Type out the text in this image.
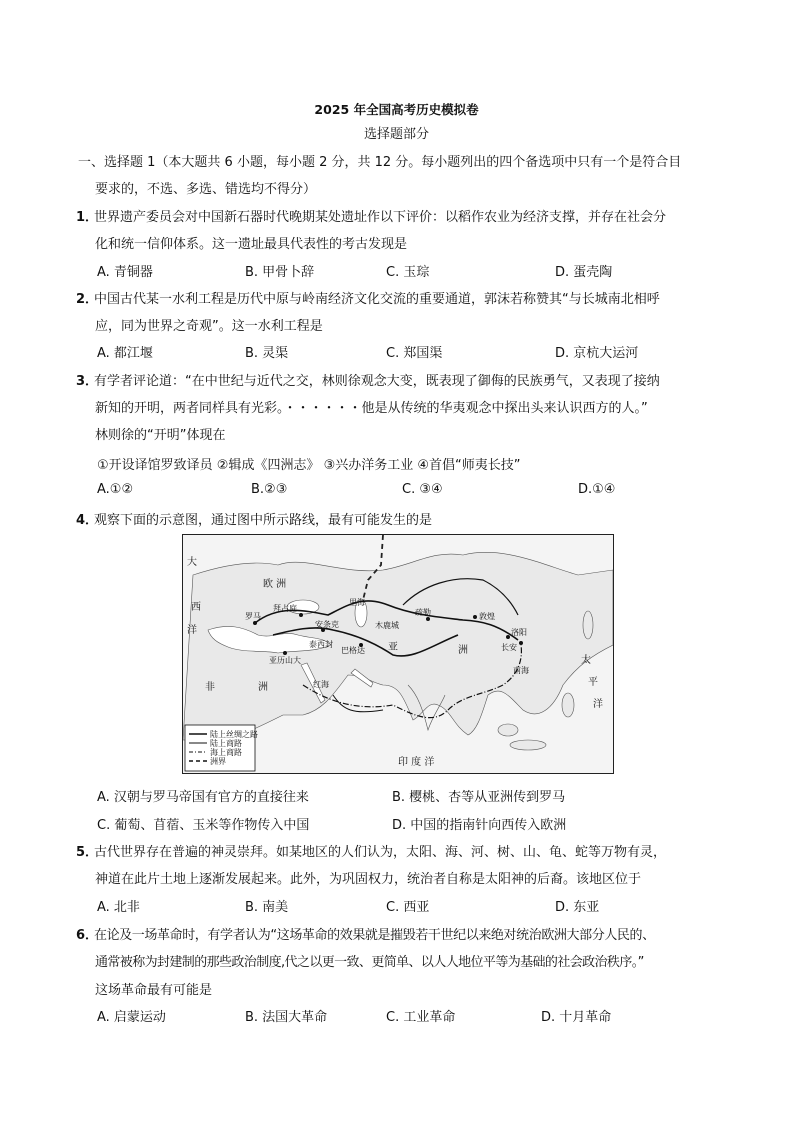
2025 年全国高考历史模拟卷
选择题部分
一、选择题 1（本大题共 6 小题，每小题 2 分，共 12 分。每小题列出的四个备选项中只有一个是符合目
要求的，不选、多选、错选均不得分）
1．
世界遗产委员会对中国新石器时代晚期某处遗址作以下评价：以稻作农业为经济支撑，并存在社会分
化和统一信仰体系。这一遗址最具代表性的考古发现是
A. 青铜器	B. 甲骨卜辞	C. 玉琮	D. 蛋壳陶
2．
中国古代某一水利工程是历代中原与岭南经济文化交流的重要通道，郭沫若称赞其“与长城南北相呼
应，同为世界之奇观”。这一水利工程是
A. 都江堰	B. 灵渠	C. 郑国渠	D. 京杭大运河
3．
有学者评论道：“在中世纪与近代之交，林则徐观念大变，既表现了御侮的民族勇气，又表现了接纳
新知的开明，两者同样具有光彩。・・・・・・他是从传统的华夷观念中探出头来认识西方的人。”
林则徐的“开明”体现在
①开设译馆罗致译员 ②辑成《四洲志》 ③兴办洋务工业 ④首倡“师夷长技”
A.①②	B.②③	C. ③④	D.①④
4．
观察下面的示意图，通过图中所示路线，最有可能发生的是
欧 洲
亚	洲
非	洲
太
平
洋
印 度 洋
大
西
洋
罗马
拜占庭
安条克
亚历山大
巴格达
泰西封
木鹿城
疏勒	敦煌
洛阳
长安
红海
里海
南海
陆上丝绸之路
陆上商路
海上商路
洲界
A. 汉朝与罗马帝国有官方的直接往来	B. 樱桃、杏等从亚洲传到罗马
C. 葡萄、苜蓿、玉米等作物传入中国	D. 中国的指南针向西传入欧洲
5．
古代世界存在普遍的神灵崇拜。如某地区的人们认为，太阳、海、河、树、山、龟、蛇等万物有灵，
神道在此片土地上逐渐发展起来。此外，为巩固权力，统治者自称是太阳神的后裔。该地区位于
A. 北非	B. 南美	C. 西亚	D. 东亚
6．
在论及一场革命时，有学者认为“这场革命的效果就是摧毁若干世纪以来绝对统治欧洲大部分人民的、
通常被称为封建制的那些政治制度,代之以更一致、更简单、以人人地位平等为基础的社会政治秩序。”
这场革命最有可能是
A. 启蒙运动	B. 法国大革命	C. 工业革命	D. 十月革命
